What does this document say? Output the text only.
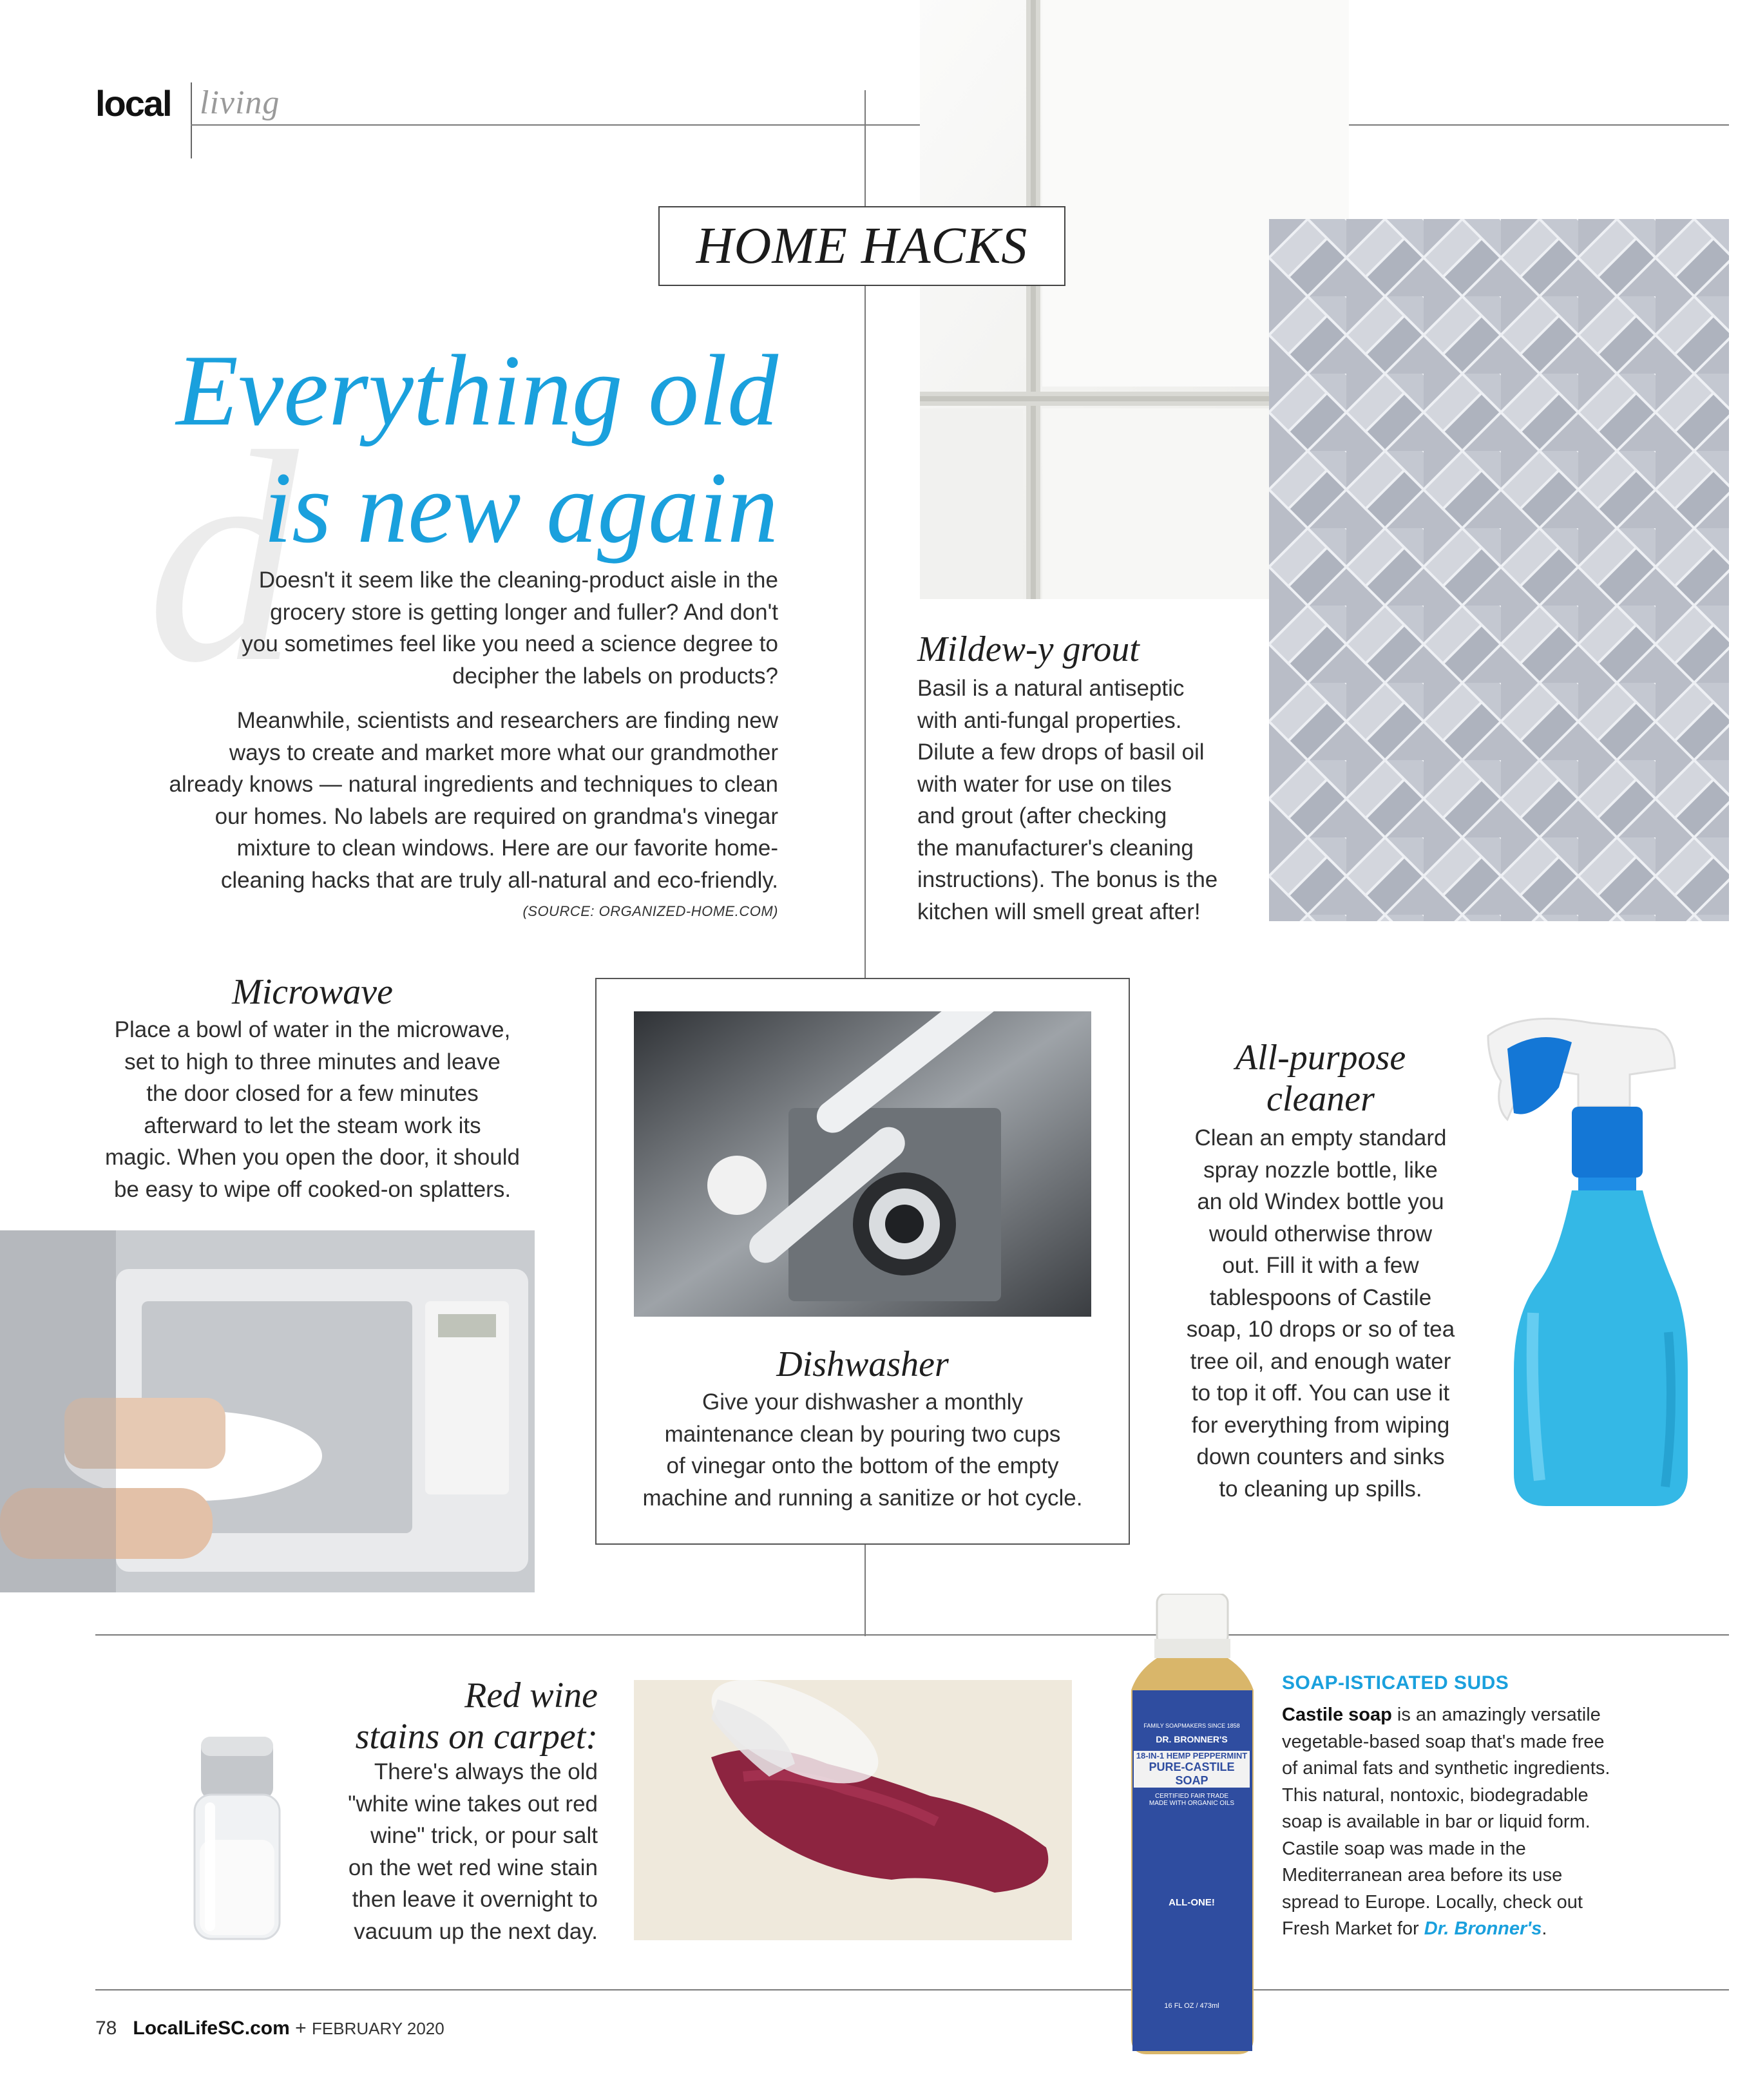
local living
HOME HACKS
d
Everything old
is new again
Doesn't it seem like the cleaning-product aisle in the
grocery store is getting longer and fuller? And don't
you sometimes feel like you need a science degree to
decipher the labels on products?
Meanwhile, scientists and researchers are finding new
ways to create and market more what our grandmother
already knows — natural ingredients and techniques to clean
our homes. No labels are required on grandma's vinegar
mixture to clean windows. Here are our favorite home-
cleaning hacks that are truly all-natural and eco-friendly.
(SOURCE: ORGANIZED-HOME.COM)
Mildew-y grout
Basil is a natural antiseptic
with anti-fungal properties.
Dilute a few drops of basil oil
with water for use on tiles
and grout (after checking
the manufacturer's cleaning
instructions). The bonus is the
kitchen will smell great after!
Microwave
Place a bowl of water in the microwave,
set to high to three minutes and leave
the door closed for a few minutes
afterward to let the steam work its
magic. When you open the door, it should
be easy to wipe off cooked-on splatters.
Dishwasher
Give your dishwasher a monthly
maintenance clean by pouring two cups
of vinegar onto the bottom of the empty
machine and running a sanitize or hot cycle.
All-purpose
cleaner
Clean an empty standard
spray nozzle bottle, like
an old Windex bottle you
would otherwise throw
out. Fill it with a few
tablespoons of Castile
soap, 10 drops or so of tea
tree oil, and enough water
to top it off. You can use it
for everything from wiping
down counters and sinks
to cleaning up spills.
Red wine
stains on carpet:
There's always the old
"white wine takes out red
wine" trick, or pour salt
on the wet red wine stain
then leave it overnight to
vacuum up the next day.
FAMILY SOAPMAKERS SINCE 1858
DR. BRONNER'S
18-IN-1 HEMP PEPPERMINT
PURE-CASTILE SOAP
CERTIFIED FAIR TRADE
MADE WITH ORGANIC OILS
ALL-ONE!
16 FL OZ / 473ml
SOAP-ISTICATED SUDS
Castile soap is an amazingly versatile vegetable-based soap that's made free of animal fats and synthetic ingredients. This natural, nontoxic, biodegradable soap is available in bar or liquid form. Castile soap was made in the Mediterranean area before its use spread to Europe. Locally, check out Fresh Market for Dr. Bronner's.
78 LocalLifeSC.com + FEBRUARY 2020
